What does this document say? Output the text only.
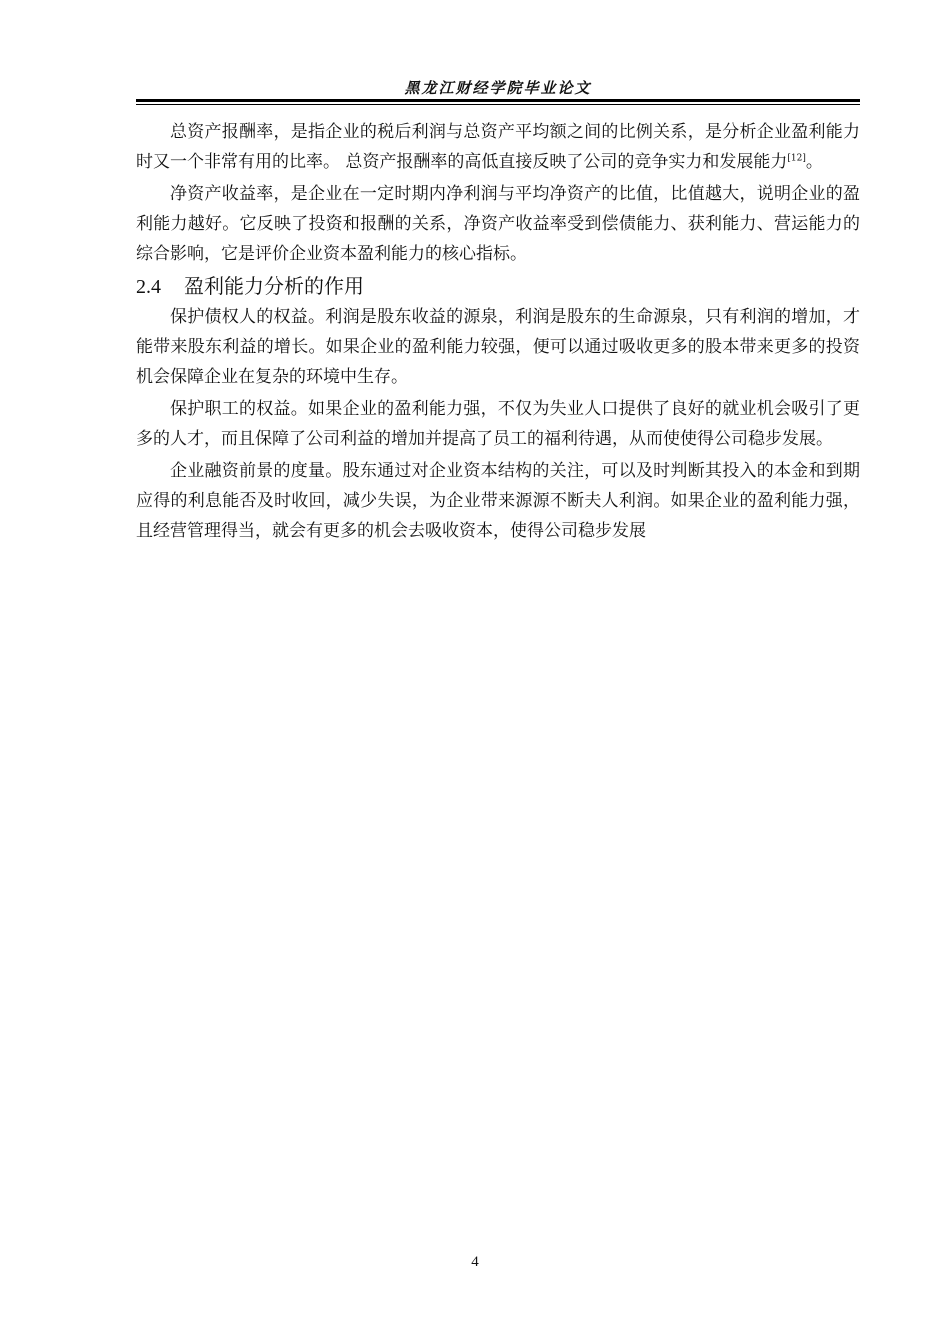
黑龙江财经学院毕业论文

总资产报酬率，是指企业的税后利润与总资产平均额之间的比例关系，是分析企业盈利能力时又一个非常有用的比率。 总资产报酬率的高低直接反映了公司的竞争实力和发展能力[12]。

净资产收益率，是企业在一定时期内净利润与平均净资产的比值，比值越大，说明企业的盈利能力越好。它反映了投资和报酬的关系，净资产收益率受到偿债能力、获利能力、营运能力的综合影响，它是评价企业资本盈利能力的核心指标。

2.4 盈利能力分析的作用

保护债权人的权益。利润是股东收益的源泉，利润是股东的生命源泉，只有利润的增加，才能带来股东利益的增长。如果企业的盈利能力较强，便可以通过吸收更多的股本带来更多的投资机会保障企业在复杂的环境中生存。

保护职工的权益。如果企业的盈利能力强，不仅为失业人口提供了良好的就业机会吸引了更多的人才，而且保障了公司利益的增加并提高了员工的福利待遇，从而使使得公司稳步发展。

企业融资前景的度量。股东通过对企业资本结构的关注，可以及时判断其投入的本金和到期应得的利息能否及时收回，减少失误，为企业带来源源不断夫人利润。如果企业的盈利能力强，且经营管理得当，就会有更多的机会去吸收资本，使得公司稳步发展

4
